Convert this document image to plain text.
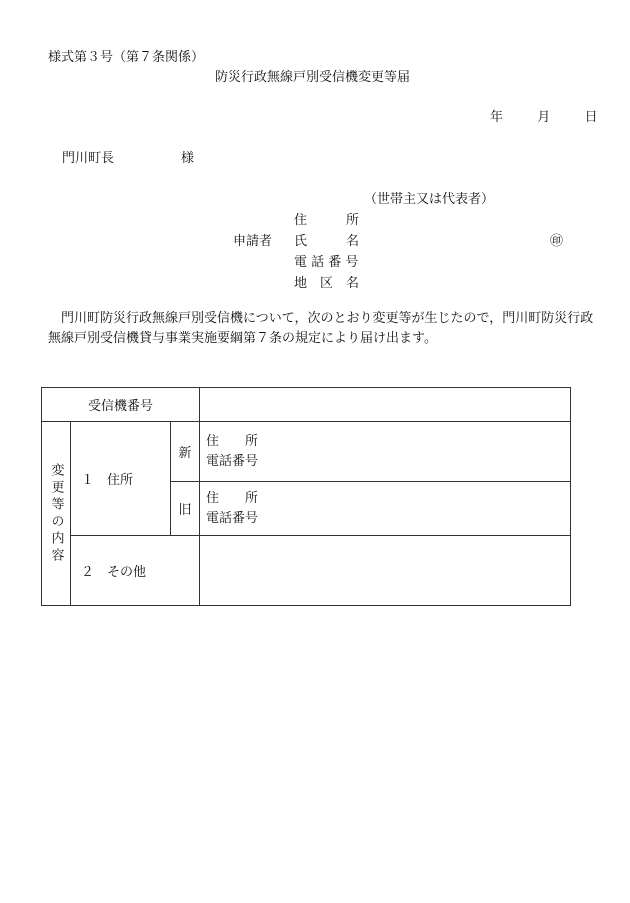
様式第３号（第７条関係）
防災行政無線戸別受信機変更等届
年	月	日
門川町長	様
（世帯主又は代表者）
申請者
住　　　所
氏　　　名
電 話 番 号
地　区　名
㊞
門川町防災行政無線戸別受信機について，次のとおり変更等が生じたので，門川町防災行政無線戸別受信機貸与事業実施要綱第７条の規定により届け出ます。
受信機番号			

変更等の内容	１　住所	新	住　　所
電話番号

		旧	住　　所
電話番号

	２　その他		
